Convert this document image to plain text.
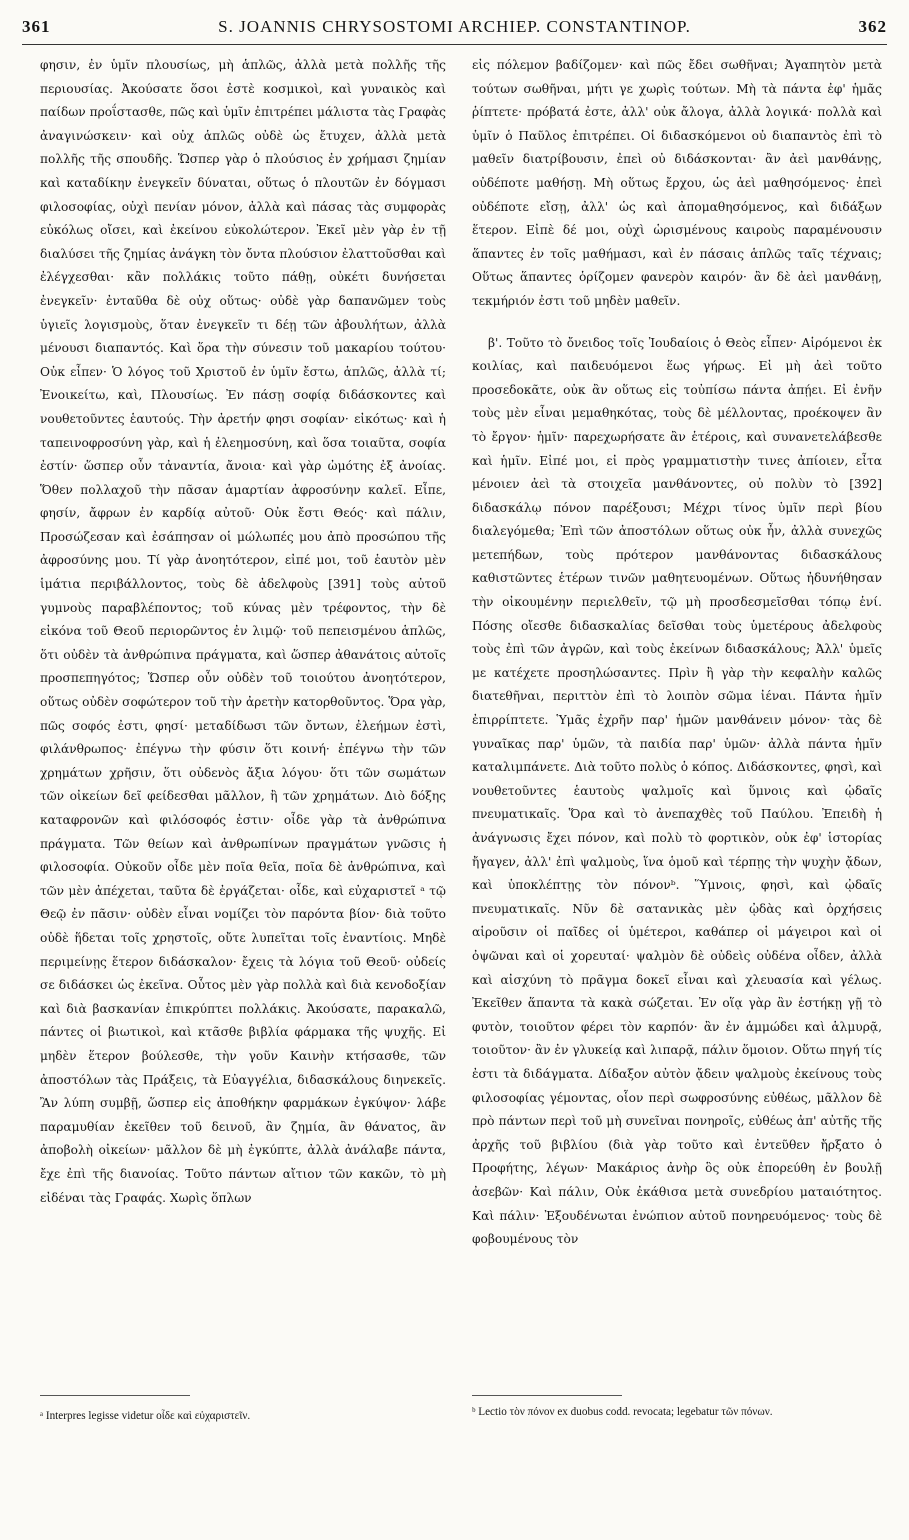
361	S. JOANNIS CHRYSOSTOMI ARCHIEP. CONSTANTINOP.	362

φησιν, ἐν ὑμῖν πλουσίως, μὴ ἁπλῶς, ἀλλὰ μετὰ πολλῆς τῆς περιουσίας. Ἀκούσατε ὅσοι ἐστὲ κοσμικοὶ, καὶ γυναικὸς καὶ παίδων προΐστασθε, πῶς καὶ ὑμῖν ἐπιτρέπει μάλιστα τὰς Γραφὰς ἀναγινώσκειν· καὶ οὐχ ἁπλῶς οὐδὲ ὡς ἔτυχεν, ἀλλὰ μετὰ πολλῆς τῆς σπουδῆς. Ὥσπερ γὰρ ὁ πλούσιος ἐν χρήμασι ζημίαν καὶ καταδίκην ἐνεγκεῖν δύναται, οὕτως ὁ πλουτῶν ἐν δόγμασι φιλοσοφίας, οὐχὶ πενίαν μόνον, ἀλλὰ καὶ πάσας τὰς συμφορὰς εὐκόλως οἴσει, καὶ ἐκείνου εὐκολώτερον. Ἐκεῖ μὲν γὰρ ἐν τῇ διαλύσει τῆς ζημίας ἀνάγκη τὸν ὄντα πλούσιον ἐλαττοῦσθαι καὶ ἐλέγχεσθαι· κἂν πολλάκις τοῦτο πάθῃ, οὐκέτι δυνήσεται ἐνεγκεῖν· ἐνταῦθα δὲ οὐχ οὕτως· οὐδὲ γὰρ δαπανῶμεν τοὺς ὑγιεῖς λογισμοὺς, ὅταν ἐνεγκεῖν τι δέῃ τῶν ἀβουλήτων, ἀλλὰ μένουσι διαπαντός. Καὶ ὅρα τὴν σύνεσιν τοῦ μακαρίου τούτου· Οὐκ εἶπεν· Ὁ λόγος τοῦ Χριστοῦ ἐν ὑμῖν ἔστω, ἁπλῶς, ἀλλὰ τί; Ἐνοικείτω, καὶ, Πλουσίως. Ἐν πάσῃ σοφίᾳ διδάσκοντες καὶ νουθετοῦντες ἑαυτούς. Τὴν ἀρετήν φησι σοφίαν· εἰκότως· καὶ ἡ ταπεινοφροσύνη γὰρ, καὶ ἡ ἐλεημοσύνη, καὶ ὅσα τοιαῦτα, σοφία ἐστίν· ὥσπερ οὖν τἀναντία, ἄνοια· καὶ γὰρ ὠμότης ἐξ ἀνοίας. Ὅθεν πολλαχοῦ τὴν πᾶσαν ἁμαρτίαν ἀφροσύνην καλεῖ. Εἶπε, φησίν, ἄφρων ἐν καρδίᾳ αὐτοῦ· Οὐκ ἔστι Θεός· καὶ πάλιν, Προσώζεσαν καὶ ἐσάπησαν οἱ μώλωπές μου ἀπὸ προσώπου τῆς ἀφροσύνης μου. Τί γὰρ ἀνοητότερον, εἰπέ μοι, τοῦ ἑαυτὸν μὲν ἱμάτια περιβάλλοντος, τοὺς δὲ ἀδελφοὺς [391] τοὺς αὐτοῦ γυμνοὺς παραβλέποντος; τοῦ κύνας μὲν τρέφοντος, τὴν δὲ εἰκόνα τοῦ Θεοῦ περιορῶντος ἐν λιμῷ· τοῦ πεπεισμένου ἁπλῶς, ὅτι οὐδὲν τὰ ἀνθρώπινα πράγματα, καὶ ὥσπερ ἀθανάτοις αὐτοῖς προσπεπηγότος; Ὥσπερ οὖν οὐδὲν τοῦ τοιούτου ἀνοητότερον, οὕτως οὐδὲν σοφώτερον τοῦ τὴν ἀρετὴν κατορθοῦντος. Ὅρα γὰρ, πῶς σοφός ἐστι, φησί· μεταδίδωσι τῶν ὄντων, ἐλεήμων ἐστὶ, φιλάνθρωπος· ἐπέγνω τὴν φύσιν ὅτι κοινή· ἐπέγνω τὴν τῶν χρημάτων χρῆσιν, ὅτι οὐδενὸς ἄξια λόγου· ὅτι τῶν σωμάτων τῶν οἰκείων δεῖ φείδεσθαι μᾶλλον, ἢ τῶν χρημάτων. Διὸ δόξης καταφρονῶν καὶ φιλόσοφός ἐστιν· οἶδε γὰρ τὰ ἀνθρώπινα πράγματα. Τῶν θείων καὶ ἀνθρωπίνων πραγμάτων γνῶσις ἡ φιλοσοφία. Οὐκοῦν οἶδε μὲν ποῖα θεῖα, ποῖα δὲ ἀνθρώπινα, καὶ τῶν μὲν ἀπέχεται, ταῦτα δὲ ἐργάζεται· οἶδε, καὶ εὐχαριστεῖ ᵃ τῷ Θεῷ ἐν πᾶσιν· οὐδὲν εἶναι νομίζει τὸν παρόντα βίον· διὰ τοῦτο οὐδὲ ἥδεται τοῖς χρηστοῖς, οὔτε λυπεῖται τοῖς ἐναντίοις. Μηδὲ περιμείνῃς ἕτερον διδάσκαλον· ἔχεις τὰ λόγια τοῦ Θεοῦ· οὐδείς σε διδάσκει ὡς ἐκεῖνα. Οὗτος μὲν γὰρ πολλὰ καὶ διὰ κενοδοξίαν καὶ διὰ βασκανίαν ἐπικρύπτει πολλάκις. Ἀκούσατε, παρακαλῶ, πάντες οἱ βιωτικοὶ, καὶ κτᾶσθε βιβλία φάρμακα τῆς ψυχῆς. Εἰ μηδὲν ἕτερον βούλεσθε, τὴν γοῦν Καινὴν κτήσασθε, τῶν ἀποστόλων τὰς Πράξεις, τὰ Εὐαγγέλια, διδασκάλους διηνεκεῖς. Ἂν λύπη συμβῇ, ὥσπερ εἰς ἀποθήκην φαρμάκων ἐγκύψον· λάβε παραμυθίαν ἐκεῖθεν τοῦ δεινοῦ, ἂν ζημία, ἂν θάνατος, ἂν ἀποβολὴ οἰκείων· μᾶλλον δὲ μὴ ἐγκύπτε, ἀλλὰ ἀνάλαβε πάντα, ἔχε ἐπὶ τῆς διανοίας. Τοῦτο πάντων αἴτιον τῶν κακῶν, τὸ μὴ εἰδέναι τὰς Γραφάς. Χωρὶς ὅπλων

εἰς πόλεμον βαδίζομεν· καὶ πῶς ἔδει σωθῆναι; Ἀγαπητὸν μετὰ τούτων σωθῆναι, μήτι γε χωρὶς τούτων. Μὴ τὰ πάντα ἐφ' ἡμᾶς ῥίπτετε· πρόβατά ἐστε, ἀλλ' οὐκ ἄλογα, ἀλλὰ λογικά· πολλὰ καὶ ὑμῖν ὁ Παῦλος ἐπιτρέπει. Οἱ διδασκόμενοι οὐ διαπαντὸς ἐπὶ τὸ μαθεῖν διατρίβουσιν, ἐπεὶ οὐ διδάσκονται· ἂν ἀεὶ μανθάνῃς, οὐδέποτε μαθήσῃ. Μὴ οὕτως ἔρχου, ὡς ἀεὶ μαθησόμενος· ἐπεὶ οὐδέποτε εἴσῃ, ἀλλ' ὡς καὶ ἀπομαθησόμενος, καὶ διδάξων ἕτερον. Εἰπὲ δέ μοι, οὐχὶ ὡρισμένους καιροὺς παραμένουσιν ἅπαντες ἐν τοῖς μαθήμασι, καὶ ἐν πάσαις ἁπλῶς ταῖς τέχναις; Οὕτως ἅπαντες ὁρίζομεν φανερὸν καιρόν· ἂν δὲ ἀεὶ μανθάνῃ, τεκμήριόν ἐστι τοῦ μηδὲν μαθεῖν.

β'. Τοῦτο τὸ ὄνειδος τοῖς Ἰουδαίοις ὁ Θεὸς εἶπεν· Αἱρόμενοι ἐκ κοιλίας, καὶ παιδευόμενοι ἕως γήρως. Εἰ μὴ ἀεὶ τοῦτο προσεδοκᾶτε, οὐκ ἂν οὕτως εἰς τοὐπίσω πάντα ἀπῄει. Εἰ ἐνῆν τοὺς μὲν εἶναι μεμαθηκότας, τοὺς δὲ μέλλοντας, προέκοψεν ἂν τὸ ἔργον· ἡμῖν· παρεχωρήσατε ἂν ἑτέροις, καὶ συνανετελάβεσθε καὶ ἡμῖν. Εἰπέ μοι, εἰ πρὸς γραμματιστὴν τινες ἀπίοιεν, εἶτα μένοιεν ἀεὶ τὰ στοιχεῖα μανθάνοντες, οὐ πολὺν τὸ [392] διδασκάλῳ πόνον παρέξουσι; Μέχρι τίνος ὑμῖν περὶ βίου διαλεγόμεθα; Ἐπὶ τῶν ἀποστόλων οὕτως οὐκ ἦν, ἀλλὰ συνεχῶς μετεπήδων, τοὺς πρότερον μανθάνοντας διδασκάλους καθιστῶντες ἑτέρων τινῶν μαθητευομένων. Οὕτως ἠδυνήθησαν τὴν οἰκουμένην περιελθεῖν, τῷ μὴ προσδεσμεῖσθαι τόπῳ ἑνί. Πόσης οἴεσθε διδασκαλίας δεῖσθαι τοὺς ὑμετέρους ἀδελφοὺς τοὺς ἐπὶ τῶν ἀγρῶν, καὶ τοὺς ἐκείνων διδασκάλους; Ἀλλ' ὑμεῖς με κατέχετε προσηλώσαντες. Πρὶν ἢ γὰρ τὴν κεφαλὴν καλῶς διατεθῆναι, περιττὸν ἐπὶ τὸ λοιπὸν σῶμα ἰέναι. Πάντα ἡμῖν ἐπιρρίπτετε. Ὑμᾶς ἐχρῆν παρ' ἡμῶν μανθάνειν μόνον· τὰς δὲ γυναῖκας παρ' ὑμῶν, τὰ παιδία παρ' ὑμῶν· ἀλλὰ πάντα ἡμῖν καταλιμπάνετε. Διὰ τοῦτο πολὺς ὁ κόπος. Διδάσκοντες, φησὶ, καὶ νουθετοῦντες ἑαυτοὺς ψαλμοῖς καὶ ὕμνοις καὶ ᾠδαῖς πνευματικαῖς. Ὅρα καὶ τὸ ἀνεπαχθὲς τοῦ Παύλου. Ἐπειδὴ ἡ ἀνάγνωσις ἔχει πόνον, καὶ πολὺ τὸ φορτικὸν, οὐκ ἐφ' ἱστορίας ἤγαγεν, ἀλλ' ἐπὶ ψαλμοὺς, ἵνα ὁμοῦ καὶ τέρπῃς τὴν ψυχὴν ᾄδων, καὶ ὑποκλέπτῃς τὸν πόνονᵇ. Ὕμνοις, φησὶ, καὶ ᾠδαῖς πνευματικαῖς. Νῦν δὲ σατανικὰς μὲν ᾠδὰς καὶ ὀρχήσεις αἱροῦσιν οἱ παῖδες οἱ ὑμέτεροι, καθάπερ οἱ μάγειροι καὶ οἱ ὀψῶναι καὶ οἱ χορευταί· ψαλμὸν δὲ οὐδεὶς οὐδένα οἶδεν, ἀλλὰ καὶ αἰσχύνη τὸ πρᾶγμα δοκεῖ εἶναι καὶ χλευασία καὶ γέλως. Ἐκεῖθεν ἅπαντα τὰ κακὰ σώζεται. Ἐν οἵᾳ γὰρ ἂν ἑστήκῃ γῇ τὸ φυτὸν, τοιοῦτον φέρει τὸν καρπόν· ἂν ἐν ἁμμώδει καὶ ἁλμυρᾷ, τοιοῦτον· ἂν ἐν γλυκείᾳ καὶ λιπαρᾷ, πάλιν ὅμοιον. Οὕτω πηγή τίς ἐστι τὰ διδάγματα. Δίδαξον αὐτὸν ᾄδειν ψαλμοὺς ἐκείνους τοὺς φιλοσοφίας γέμοντας, οἷον περὶ σωφροσύνης εὐθέως, μᾶλλον δὲ πρὸ πάντων περὶ τοῦ μὴ συνεῖναι πονηροῖς, εὐθέως ἀπ' αὐτῆς τῆς ἀρχῆς τοῦ βιβλίου (διὰ γὰρ τοῦτο καὶ ἐντεῦθεν ἤρξατο ὁ Προφήτης, λέγων· Μακάριος ἀνὴρ ὃς οὐκ ἐπορεύθη ἐν βουλῇ ἀσεβῶν· Καὶ πάλιν, Οὐκ ἐκάθισα μετὰ συνεδρίου ματαιότητος. Καὶ πάλιν· Ἐξουδένωται ἐνώπιον αὐτοῦ πονηρευόμενος· τοὺς δὲ φοβουμένους τὸν

ᵃ Interpres legisse videtur οἶδε καὶ εὐχαριστεῖν.	ᵇ Lectio τὸν πόνον ex duobus codd. revocata; legebatur τῶν πόνων.
